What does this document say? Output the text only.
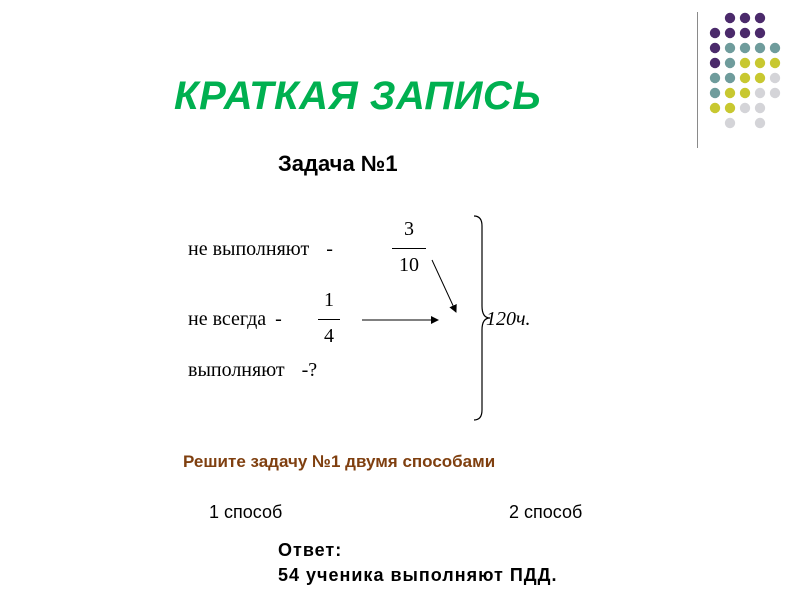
КРАТКАЯ ЗАПИСЬ
Задача №1
не выполняют -
3
10
не всегда -
1
4
выполняют -?
120ч.
Решите задачу №1 двумя способами
1 способ	2 способ
Ответ:
54 ученика выполняют ПДД.
